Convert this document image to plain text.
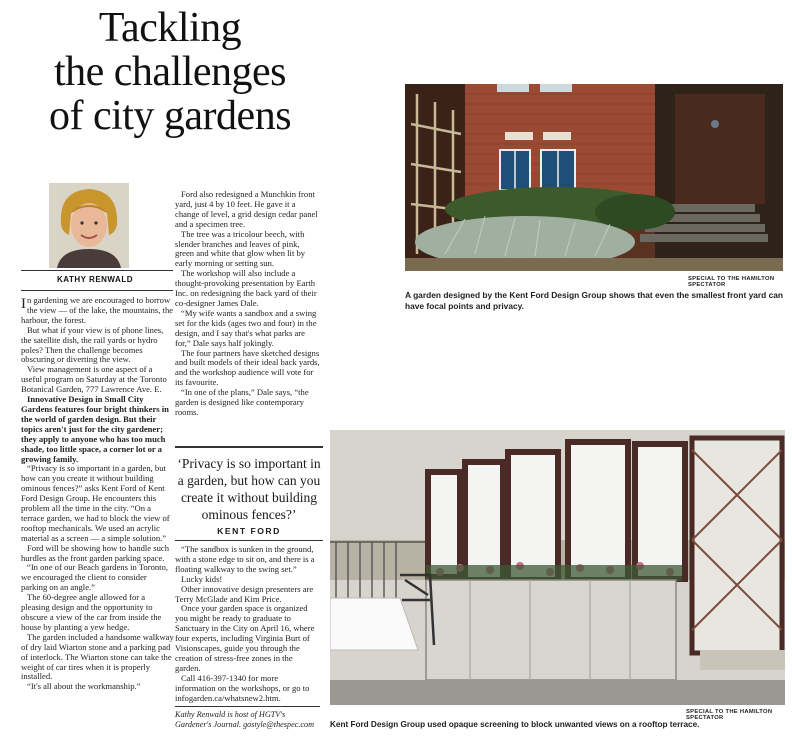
Tackling
the challenges
of city gardens
KATHY RENWALD

In gardening we are encouraged to borrow the view — of the lake, the mountains, the harbour, the forest.

But what if your view is of phone lines, the satellite dish, the rail yards or hydro poles? Then the challenge becomes obscuring or diverting the view.

View management is one aspect of a useful program on Saturday at the Toronto Botanical Garden, 777 Lawrence Ave. E.

Innovative Design in Small City Gardens features four bright thinkers in the world of garden design. But their topics aren't just for the city gardener; they apply to anyone who has too much shade, too little space, a corner lot or a growing family.

“Privacy is so important in a garden, but how can you create it without building ominous fences?” asks Kent Ford of Kent Ford Design Group. He encounters this problem all the time in the city. “On a terrace garden, we had to block the view of rooftop mechanicals. We used an acrylic material as a screen — a simple solution.”

Ford will be showing how to handle such hurdles as the front garden parking space.

“In one of our Beach gardens in Toronto, we encouraged the client to consider parking on an angle.”

The 60-degree angle allowed for a pleasing design and the opportunity to obscure a view of the car from inside the house by planting a yew hedge.

The garden included a handsome walkway of dry laid Wiarton stone and a parking pad of interlock. The Wiarton stone can take the weight of car tires when it is properly installed.

“It's all about the workmanship.”

Ford also redesigned a Munchkin front yard, just 4 by 10 feet. He gave it a change of level, a grid design cedar panel and a specimen tree.

The tree was a tricolour beech, with slender branches and leaves of pink, green and white that glow when lit by early morning or setting sun.

The workshop will also include a thought-provoking presentation by Earth Inc. on redesigning the back yard of their co-designer James Dale.

“My wife wants a sandbox and a swing set for the kids (ages two and four) in the design, and I say that's what parks are for,” Dale says half jokingly.

The four partners have sketched designs and built models of their ideal back yards, and the workshop audience will vote for its favourite.

“In one of the plans,” Dale says, “the garden is designed like contemporary rooms.

‘Privacy is so important in a garden, but how can you create it without building ominous fences?’
KENT FORD

“The sandbox is sunken in the ground, with a stone edge to sit on, and there is a floating walkway to the swing set.”

Lucky kids!

Other innovative design presenters are Terry McGlade and Kim Price.

Once your garden space is organized you might be ready to graduate to Sanctuary in the City on April 16, where four experts, including Virginia Burt of Visionscapes, guide you through the creation of stress-free zones in the garden.

Call 416-397-1340 for more information on the workshops, or go to infogarden.ca/whatsnew2.htm.

Kathy Renwald is host of HGTV's Gardener's Journal. gostyle@thespec.com
SPECIAL TO THE HAMILTON SPECTATOR
A garden designed by the Kent Ford Design Group shows that even the smallest front yard can have focal points and privacy.
SPECIAL TO THE HAMILTON SPECTATOR
Kent Ford Design Group used opaque screening to block unwanted views on a rooftop terrace.
